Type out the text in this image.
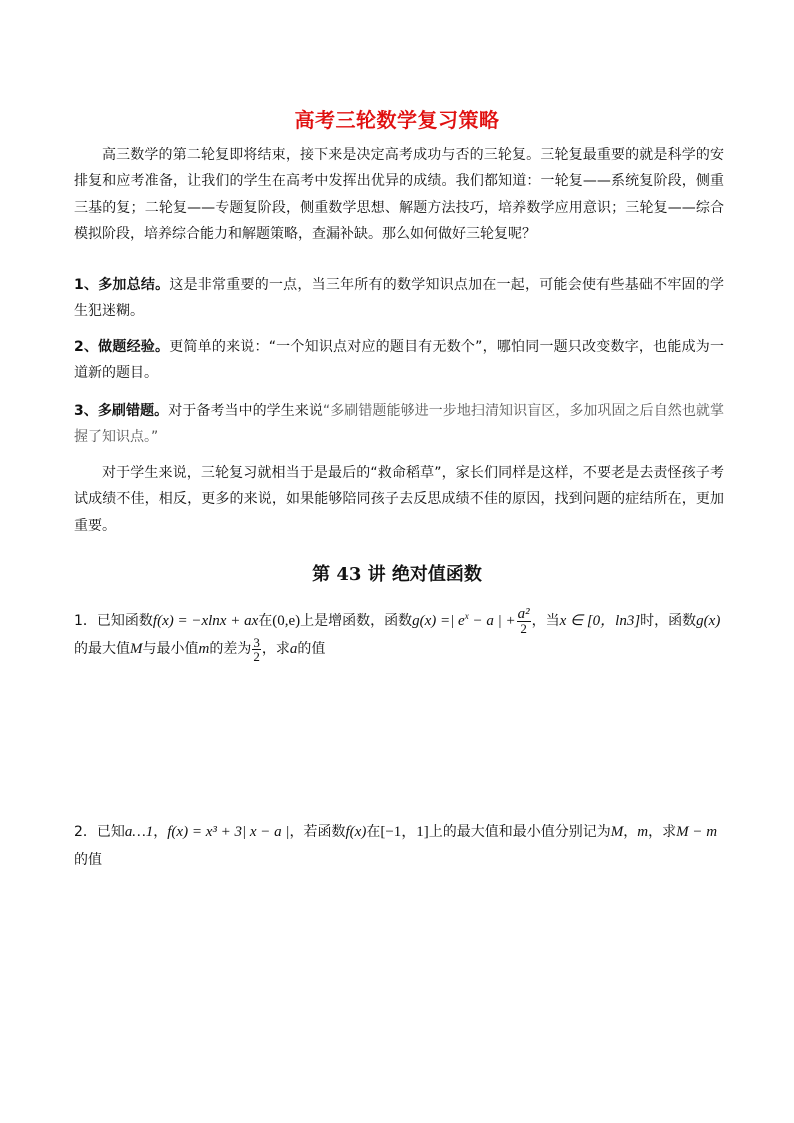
高考三轮数学复习策略
高三数学的第二轮复即将结束，接下来是决定高考成功与否的三轮复。三轮复最重要的就是科学的安排复和应考准备，让我们的学生在高考中发挥出优异的成绩。我们都知道：一轮复——系统复阶段，侧重三基的复；二轮复——专题复阶段，侧重数学思想、解题方法技巧，培养数学应用意识；三轮复——综合模拟阶段，培养综合能力和解题策略，查漏补缺。那么如何做好三轮复呢？
1、多加总结。这是非常重要的一点，当三年所有的数学知识点加在一起，可能会使有些基础不牢固的学生犯迷糊。
2、做题经验。更简单的来说：“一个知识点对应的题目有无数个”，哪怕同一题只改变数字，也能成为一道新的题目。
3、多刷错题。对于备考当中的学生来说“多刷错题能够进一步地扫清知识盲区，多加巩固之后自然也就掌握了知识点。”
对于学生来说，三轮复习就相当于是最后的“救命稻草”，家长们同样是这样，不要老是去责怪孩子考试成绩不佳，相反，更多的来说，如果能够陪同孩子去反思成绩不佳的原因，找到问题的症结所在，更加重要。
第 43 讲 绝对值函数
1．已知函数f(x) = −xlnx + ax在(0,e)上是增函数，函数g(x) =| $e^x - a$ | + $\frac{\text{a²}}{2}$ ，当x ∈ [0，ln3]时，函数g(x)
的最大值M与最小值m的差为 $\frac{3}{2}$ ，求a的值
2．已知a…1，f(x) = x³ + 3| x − a |，若函数f(x)在[−1，1]上的最大值和最小值分别记为M，m，求M − m
的值
